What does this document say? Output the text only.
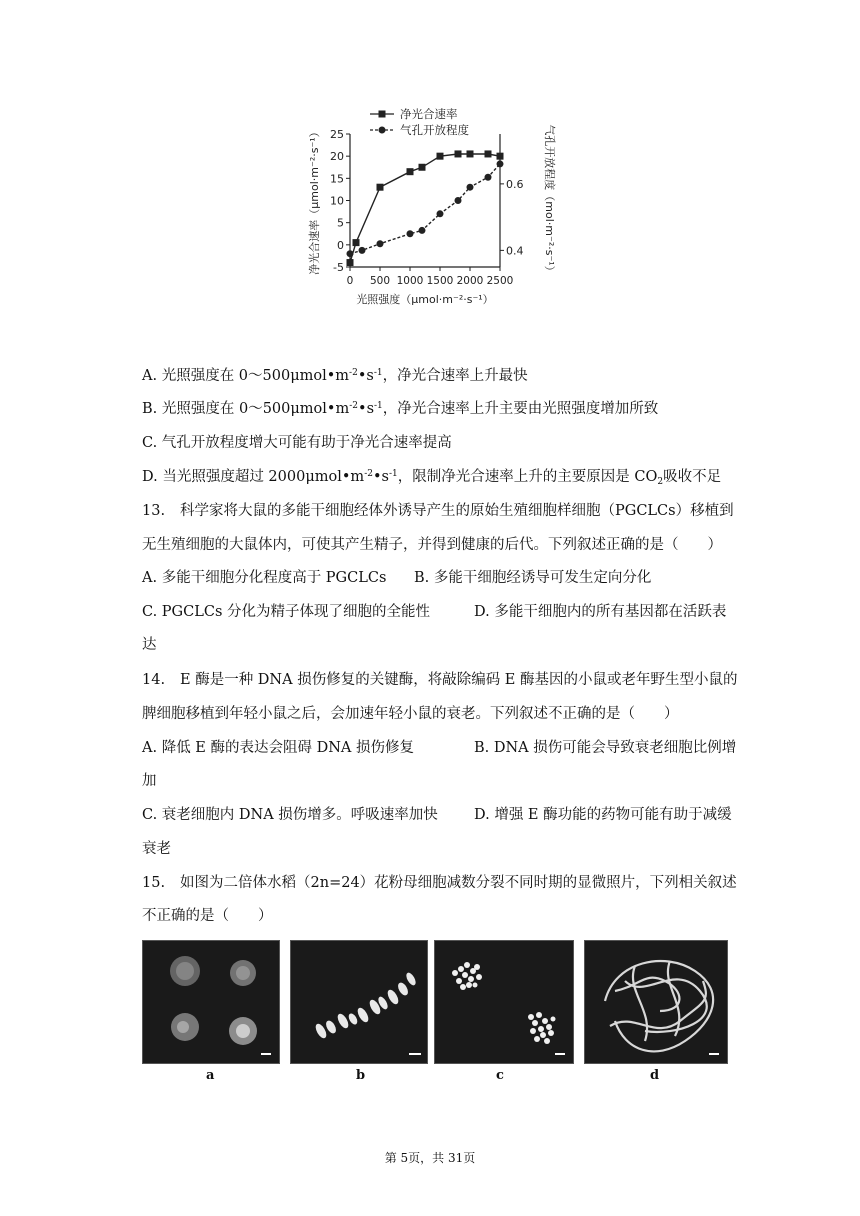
净光合速率
气孔开放程度
25
20
15
10
5
0
-5
0.6
0.4
0 500 1000 1500 2000 2500
光照强度（μmol·m⁻²·s⁻¹）
净光合速率（μmol·m⁻²·s⁻¹）	气孔开放程度（mol·m⁻²·s⁻¹）
A. 光照强度在 $0\sim 500\mu mol•m^{-2}•s^{-1}$，净光合速率上升最快
B. 光照强度在 $0\sim 500\mu mol•m^{-2}•s^{-1}$，净光合速率上升主要由光照强度增加所致
C. 气孔开放程度增大可能有助于净光合速率提高
D. 当光照强度超过 $2000\mu mol•m^{-2}•s^{-1}$，限制净光合速率上升的主要原因是 $CO_2$吸收不足
13. 科学家将大鼠的多能干细胞经体外诱导产生的原始生殖细胞样细胞（PGCLCs）移植到
无生殖细胞的大鼠体内，可使其产生精子，并得到健康的后代。下列叙述正确的是（　　）
A. 多能干细胞分化程度高于 PGCLCs B. 多能干细胞经诱导可发生定向分化
C. PGCLCs 分化为精子体现了细胞的全能性	D. 多能干细胞内的所有基因都在活跃表
达
14. E 酶是一种 DNA 损伤修复的关键酶，将敲除编码 E 酶基因的小鼠或老年野生型小鼠的
脾细胞移植到年轻小鼠之后，会加速年轻小鼠的衰老。下列叙述不正确的是（　　）
A. 降低 E 酶的表达会阻碍 DNA 损伤修复	B. DNA 损伤可能会导致衰老细胞比例增
加
C. 衰老细胞内 DNA 损伤增多。呼吸速率加快 D. 增强 E 酶功能的药物可能有助于减缓
衰老
15. 如图为二倍体水稻（2n=24）花粉母细胞减数分裂不同时期的显微照片，下列相关叙述
不正确的是（　　）
a	b	c	d
第 5页，共 31页
